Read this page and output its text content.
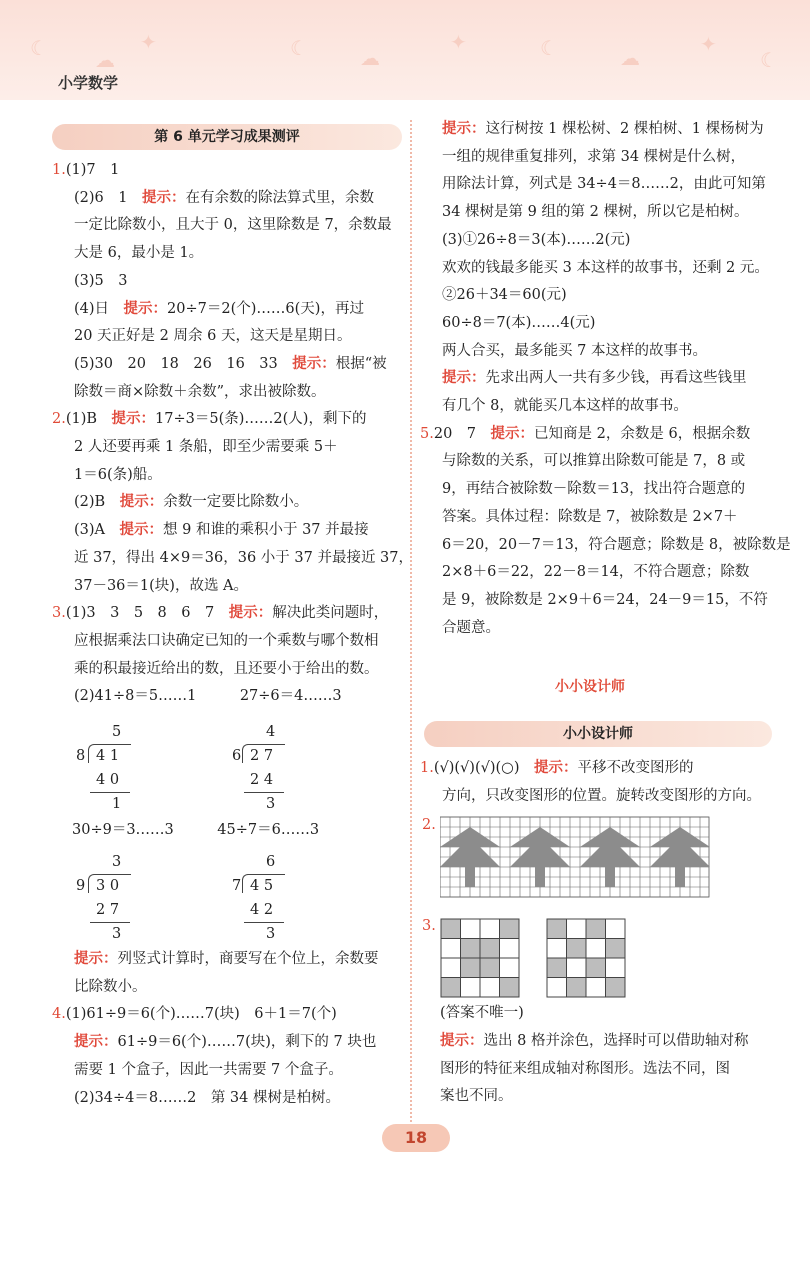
☾ ☁
✦	☾	☁
✦	☾	☁
✦
☾
小学数学
第 6 单元学习成果测评

1.(1)7　1

(2)6　1　提示：在有余数的除法算式里，余数

一定比除数小，且大于 0，这里除数是 7，余数最

大是 6，最小是 1。

(3)5　3

(4)日　提示：20÷7＝2(个)……6(天)，再过

20 天正好是 2 周余 6 天，这天是星期日。

(5)30　20　18　26　16　33　提示：根据“被

除数＝商×除数＋余数”，求出被除数。

2.(1)B　提示：17÷3＝5(条)……2(人)，剩下的

2 人还要再乘 1 条船，即至少需要乘 5＋

1＝6(条)船。

(2)B　提示：余数一定要比除数小。

(3)A　提示：想 9 和谁的乘积小于 37 并最接

近 37，得出 4×9＝36，36 小于 37 并最接近 37，

37－36＝1(块)，故选 A。

3.(1)3　3　5　8　6　7　提示：解决此类问题时，

应根据乘法口诀确定已知的一个乘数与哪个数相

乘的积最接近给出的数，且还要小于给出的数。

(2)41÷8＝5……1　　　27÷6＝4……3

5
8 4 1
4 0
1
4
6 2 7
2 4
3

30÷9＝3……3　　　45÷7＝6……3

3
9 3 0
2 7
3
6
7 4 5
4 2
3

提示：列竖式计算时，商要写在个位上，余数要

比除数小。

4.(1)61÷9＝6(个)……7(块)　6＋1＝7(个)

提示：61÷9＝6(个)……7(块)，剩下的 7 块也

需要 1 个盒子，因此一共需要 7 个盒子。

(2)34÷4＝8……2　第 34 棵树是柏树。

提示：这行树按 1 棵松树、2 棵柏树、1 棵杨树为

一组的规律重复排列，求第 34 棵树是什么树，

用除法计算，列式是 34÷4＝8……2，由此可知第

34 棵树是第 9 组的第 2 棵树，所以它是柏树。

(3)①26÷8＝3(本)……2(元)

欢欢的钱最多能买 3 本这样的故事书，还剩 2 元。

②26＋34＝60(元)

60÷8＝7(本)……4(元)

两人合买，最多能买 7 本这样的故事书。

提示：先求出两人一共有多少钱，再看这些钱里

有几个 8，就能买几本这样的故事书。

5.20　7　提示：已知商是 2，余数是 6，根据余数

与除数的关系，可以推算出除数可能是 7，8 或

9，再结合被除数－除数＝13，找出符合题意的

答案。具体过程：除数是 7，被除数是 2×7＋

6＝20，20－7＝13，符合题意；除数是 8，被除数是

2×8＋6＝22，22－8＝14，不符合题意；除数

是 9，被除数是 2×9＋6＝24，24－9＝15，不符

合题意。

小小设计师
小小设计师

1.(√)(√)(√)(○)　提示：平移不改变图形的

方向，只改变图形的位置。旋转改变图形的方向。

2.
3.

(答案不唯一)

提示：选出 8 格并涂色，选择时可以借助轴对称

图形的特征来组成轴对称图形。选法不同，图

案也不同。

18
